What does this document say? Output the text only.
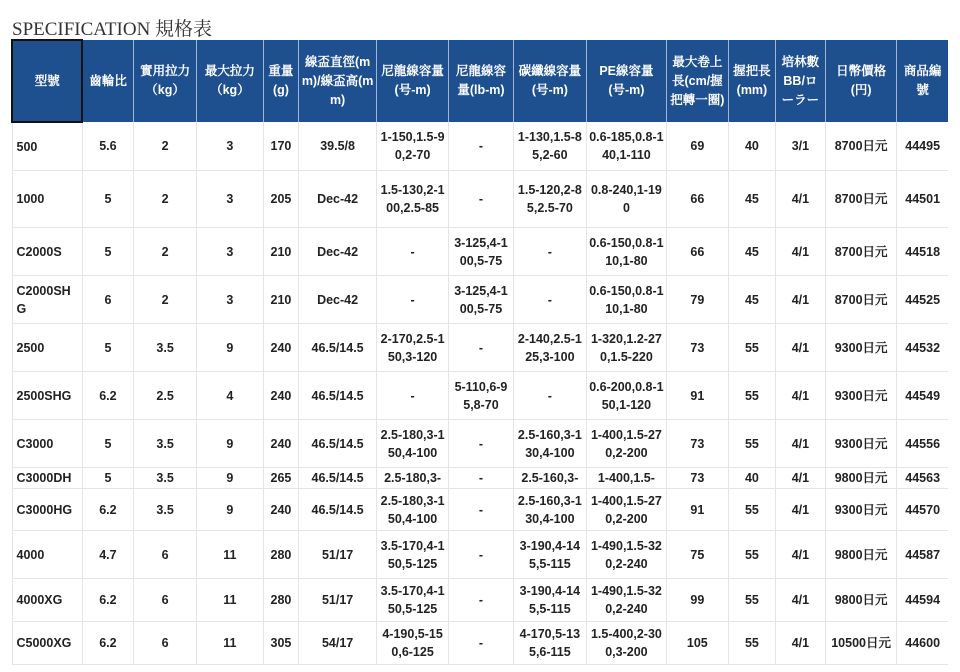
SPECIFICATION 規格表
型號	齒輪比	實用拉力（kg）	最大拉力（kg）	重量(g)	線盃直徑(mm)/線盃高(mm)	尼龍線容量(号-m)	尼龍線容量(lb-m)	碳纖線容量(号-m)	PE線容量(号-m)	最大卷上長(cm/握把轉一圈)	握把長(mm)	培林數BB/ローラー	日幣價格(円)	商品編號
500	5.6	2	3	170	39.5/8	1-150,1.5-90,2-70	-	1-130,1.5-85,2-60	0.6-185,0.8-140,1-110	69	40	3/1	8700日元	44495
1000	5	2	3	205	Dec-42	1.5-130,2-100,2.5-85	-	1.5-120,2-85,2.5-70	0.8-240,1-190	66	45	4/1	8700日元	44501
C2000S	5	2	3	210	Dec-42	-	3-125,4-100,5-75	-	0.6-150,0.8-110,1-80	66	45	4/1	8700日元	44518
C2000SHG	6	2	3	210	Dec-42	-	3-125,4-100,5-75	-	0.6-150,0.8-110,1-80	79	45	4/1	8700日元	44525
2500	5	3.5	9	240	46.5/14.5	2-170,2.5-150,3-120	-	2-140,2.5-125,3-100	1-320,1.2-270,1.5-220	73	55	4/1	9300日元	44532
2500SHG	6.2	2.5	4	240	46.5/14.5	-	5-110,6-95,8-70	-	0.6-200,0.8-150,1-120	91	55	4/1	9300日元	44549
C3000	5	3.5	9	240	46.5/14.5	2.5-180,3-150,4-100	-	2.5-160,3-130,4-100	1-400,1.5-270,2-200	73	55	4/1	9300日元	44556
C3000DH	5	3.5	9	265	46.5/14.5	2.5-180,3-	-	2.5-160,3-	1-400,1.5-	73	40	4/1	9800日元	44563
C3000HG	6.2	3.5	9	240	46.5/14.5	2.5-180,3-150,4-100	-	2.5-160,3-130,4-100	1-400,1.5-270,2-200	91	55	4/1	9300日元	44570
4000	4.7	6	11	280	51/17	3.5-170,4-150,5-125	-	3-190,4-145,5-115	1-490,1.5-320,2-240	75	55	4/1	9800日元	44587
4000XG	6.2	6	11	280	51/17	3.5-170,4-150,5-125	-	3-190,4-145,5-115	1-490,1.5-320,2-240	99	55	4/1	9800日元	44594
C5000XG	6.2	6	11	305	54/17	4-190,5-150,6-125	-	4-170,5-135,6-115	1.5-400,2-300,3-200	105	55	4/1	10500日元	44600
